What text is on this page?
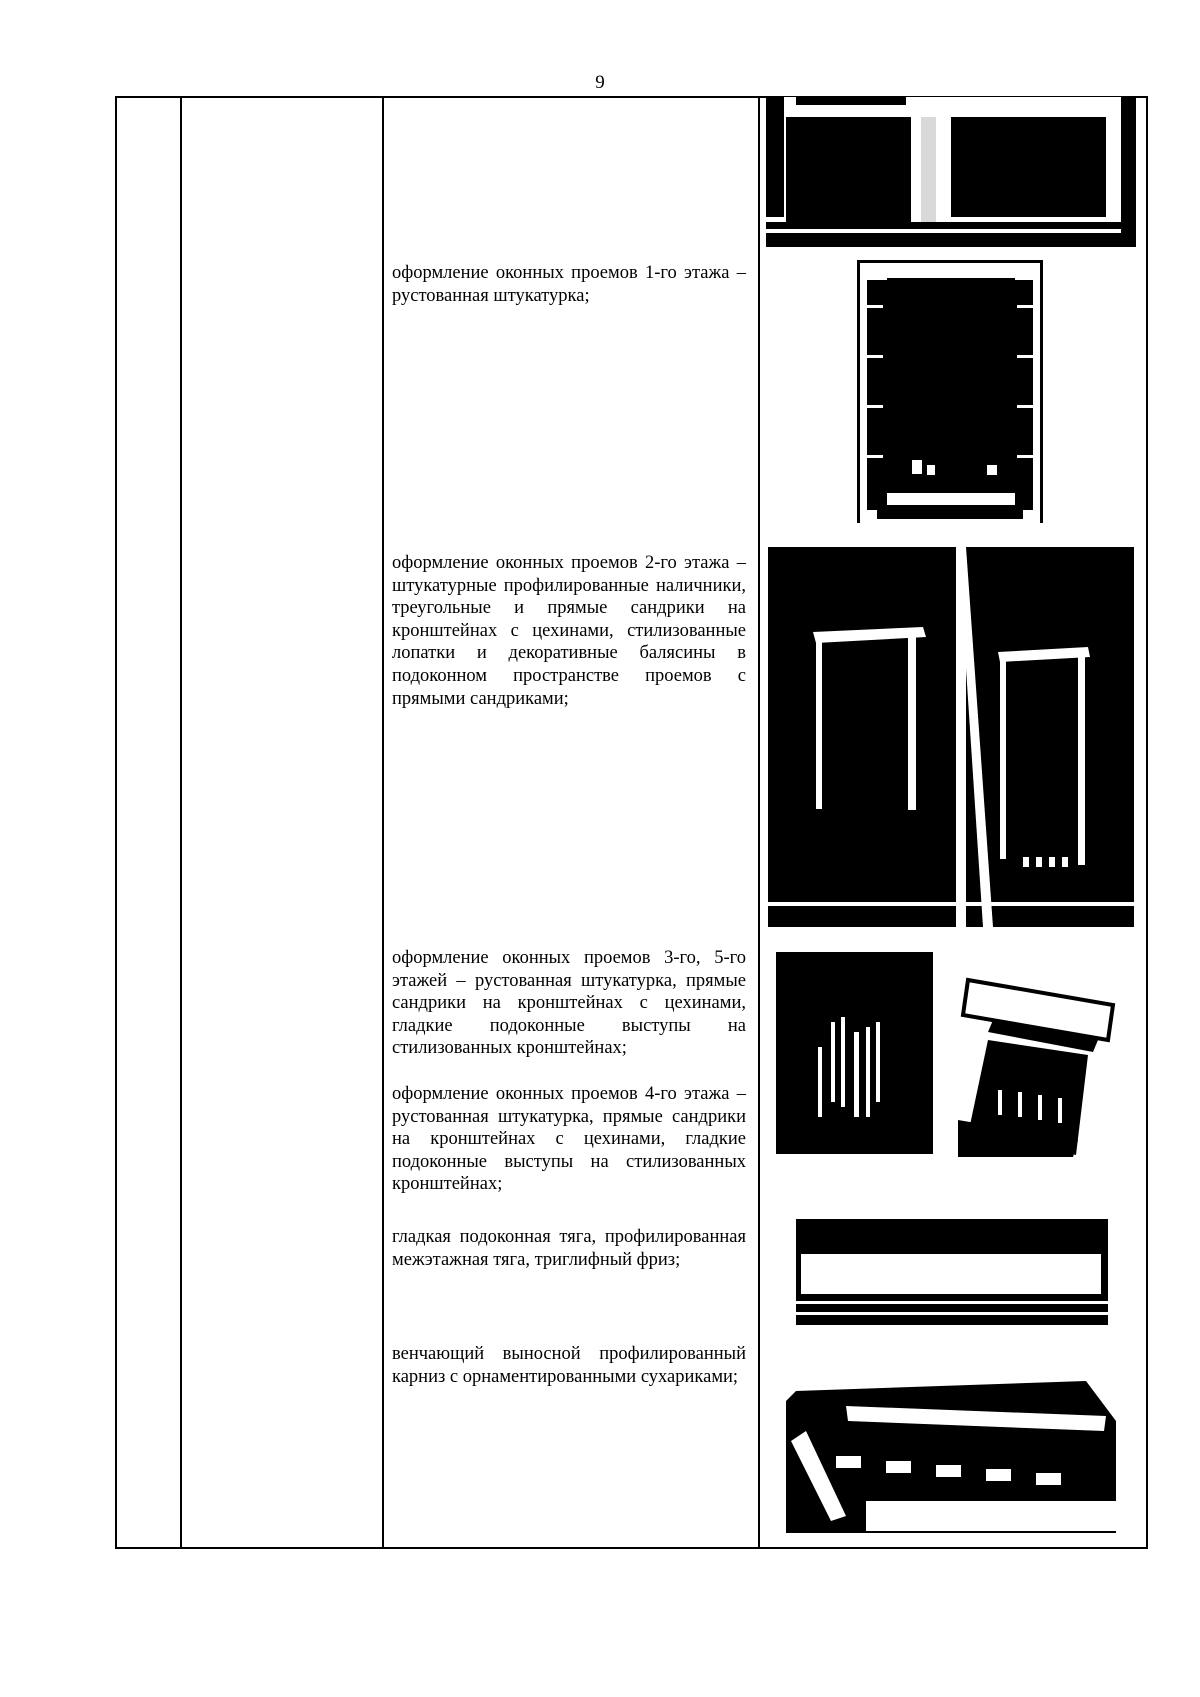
9

оформление оконных проемов 1-го этажа – рустованная штукатурка;

оформление оконных проемов 2-го этажа – штукатурные профилированные наличники, треугольные и прямые сандрики на кронштейнах с цехинами, стилизованные лопатки и декоративные балясины в подоконном пространстве проемов с прямыми сандриками;

оформление оконных проемов 3-го, 5-го этажей – рустованная штукатурка, прямые сандрики на кронштейнах с цехинами, гладкие подоконные выступы на стилизованных кронштейнах;

оформление оконных проемов 4-го этажа – рустованная штукатурка, прямые сандрики на кронштейнах с цехинами, гладкие подоконные выступы на стилизованных кронштейнах;

гладкая подоконная тяга, профилированная межэтажная тяга, триглифный фриз;

венчающий выносной профилированный карниз с орнаментированными сухариками;
